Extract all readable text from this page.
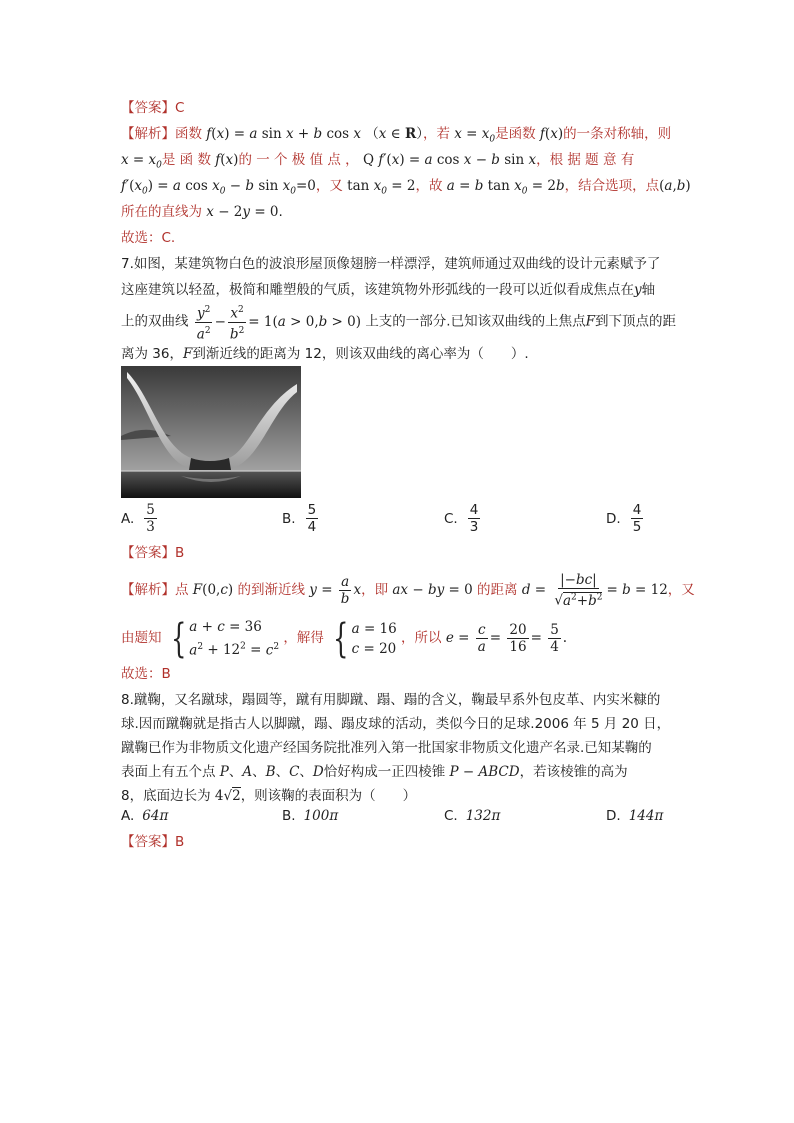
【答案】C
【解析】函数 f(x) = a sin x + b cos x （x ∈ R），若 $x = x_0$是函数 f(x)的一条对称轴，则
$x = x_0$是 函 数 f(x)的 一 个 极 值 点 ， Q f′(x) = a cos x − b sin x，根 据 题 意 有
$f'(x_0) = a$ $\cos x_0 - b$ $\sin x_0=0$，又 $\tan x_0 = 2$，故 a = b $\tan x_0 = 2b$，结合选项，点(a,b)
所在的直线为 x − 2y = 0.
故选：C.
7.如图，某建筑物白色的波浪形屋顶像翅膀一样漂浮，建筑师通过双曲线的设计元素赋予了
这座建筑以轻盈，极简和雕塑般的气质，该建筑物外形弧线的一段可以近似看成焦点在y轴
上的双曲线 $\frac{y^2}{a^2} - \frac{x^2}{b^2} = 1(a > 0,b > 0)$ 上支的一部分.已知该双曲线的上焦点F到下顶点的距
离为 36，F到渐近线的距离为 12，则该双曲线的离心率为（　　）.
A. $\frac{5}{3}$	B. $\frac{5}{4}$	C. $\frac{4}{3}$	D. $\frac{4}{5}$
【答案】B
【解析】点 F(0,c) 的到渐近线 $y = \frac{a}{b}$ x，即 ax − by = 0 的距离 $d = \frac{|-bc|}{√a^2+b^2} = b = 12$，又
由题知 { a + c = 36
$a^2 + 12^2 = c^2$
，解得 { a = 16
c = 20
，所以 $e = \frac{c}{a} = \frac{20}{16} = \frac{5}{4}$ .
故选：B
8.蹴鞠，又名蹴球，蹋圆等，蹴有用脚蹴、蹋、蹋的含义，鞠最早系外包皮革、内实米糠的
球.因而蹴鞠就是指古人以脚蹴，蹋、蹋皮球的活动，类似今日的足球.2006 年 5 月 20 日，
蹴鞠已作为非物质文化遗产经国务院批准列入第一批国家非物质文化遗产名录.已知某鞠的
表面上有五个点 P、A、B、C、D恰好构成一正四棱锥 P − ABCD，若该棱锥的高为
8，底面边长为 4√2，则该鞠的表面积为（　　）
A. 64π	B. 100π	C. 132π	D. 144π
【答案】B
